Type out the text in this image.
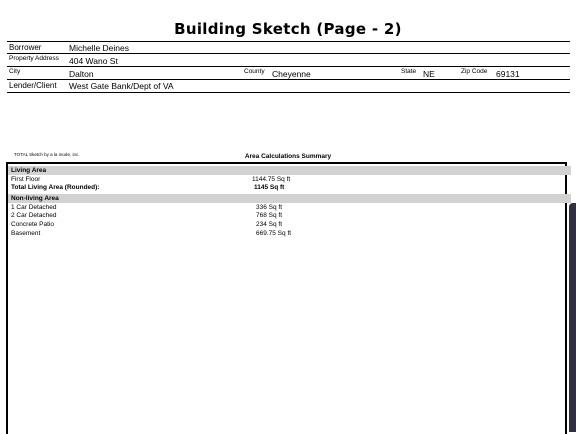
Building Sketch (Page - 2)
Borrower	Michelle Deines
Property Address 404 Wano St
City	Dalton	County Cheyenne	State NE	Zip Code 69131
Lender/Client West Gate Bank/Dept of VA
TOTAL Sketch by a la mode, inc.	Area Calculations Summary
Living Area
First Floor	1144.75 Sq ft
Total Living Area (Rounded):	1145 Sq ft
Non-living Area
1 Car Detached	336 Sq ft
2 Car Detached	768 Sq ft
Concrete Patio	234 Sq ft
Basement	669.75 Sq ft
